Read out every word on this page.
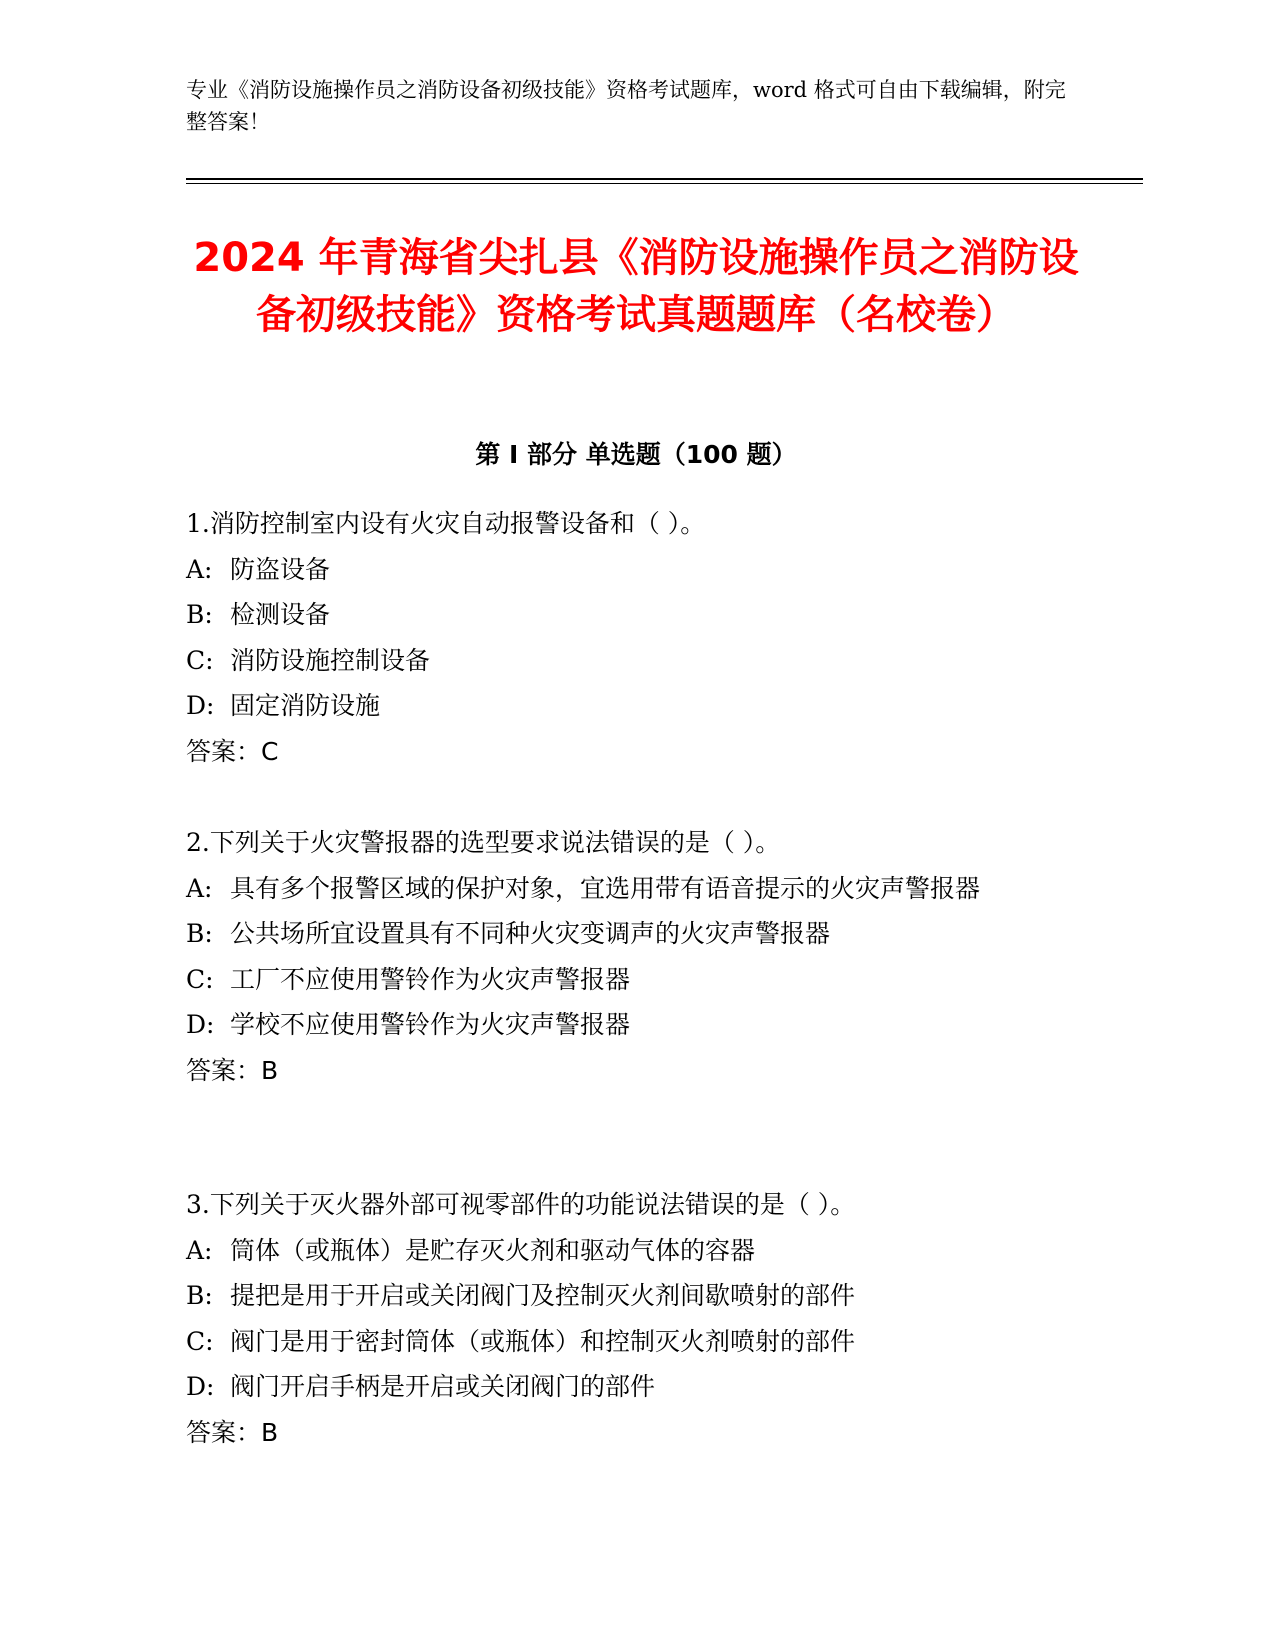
专业《消防设施操作员之消防设备初级技能》资格考试题库，word 格式可自由下载编辑，附完整答案！
2024 年青海省尖扎县《消防设施操作员之消防设备初级技能》资格考试真题题库（名校卷）
第 I 部分 单选题（100 题）
1.消防控制室内设有火灾自动报警设备和（ ）。
A: 防盗设备
B: 检测设备
C: 消防设施控制设备
D: 固定消防设施
答案：C
2.下列关于火灾警报器的选型要求说法错误的是（ ）。
A: 具有多个报警区域的保护对象，宜选用带有语音提示的火灾声警报器
B: 公共场所宜设置具有不同种火灾变调声的火灾声警报器
C: 工厂不应使用警铃作为火灾声警报器
D: 学校不应使用警铃作为火灾声警报器
答案：B
3.下列关于灭火器外部可视零部件的功能说法错误的是（ ）。
A: 筒体（或瓶体）是贮存灭火剂和驱动气体的容器
B: 提把是用于开启或关闭阀门及控制灭火剂间歇喷射的部件
C: 阀门是用于密封筒体（或瓶体）和控制灭火剂喷射的部件
D: 阀门开启手柄是开启或关闭阀门的部件
答案：B
